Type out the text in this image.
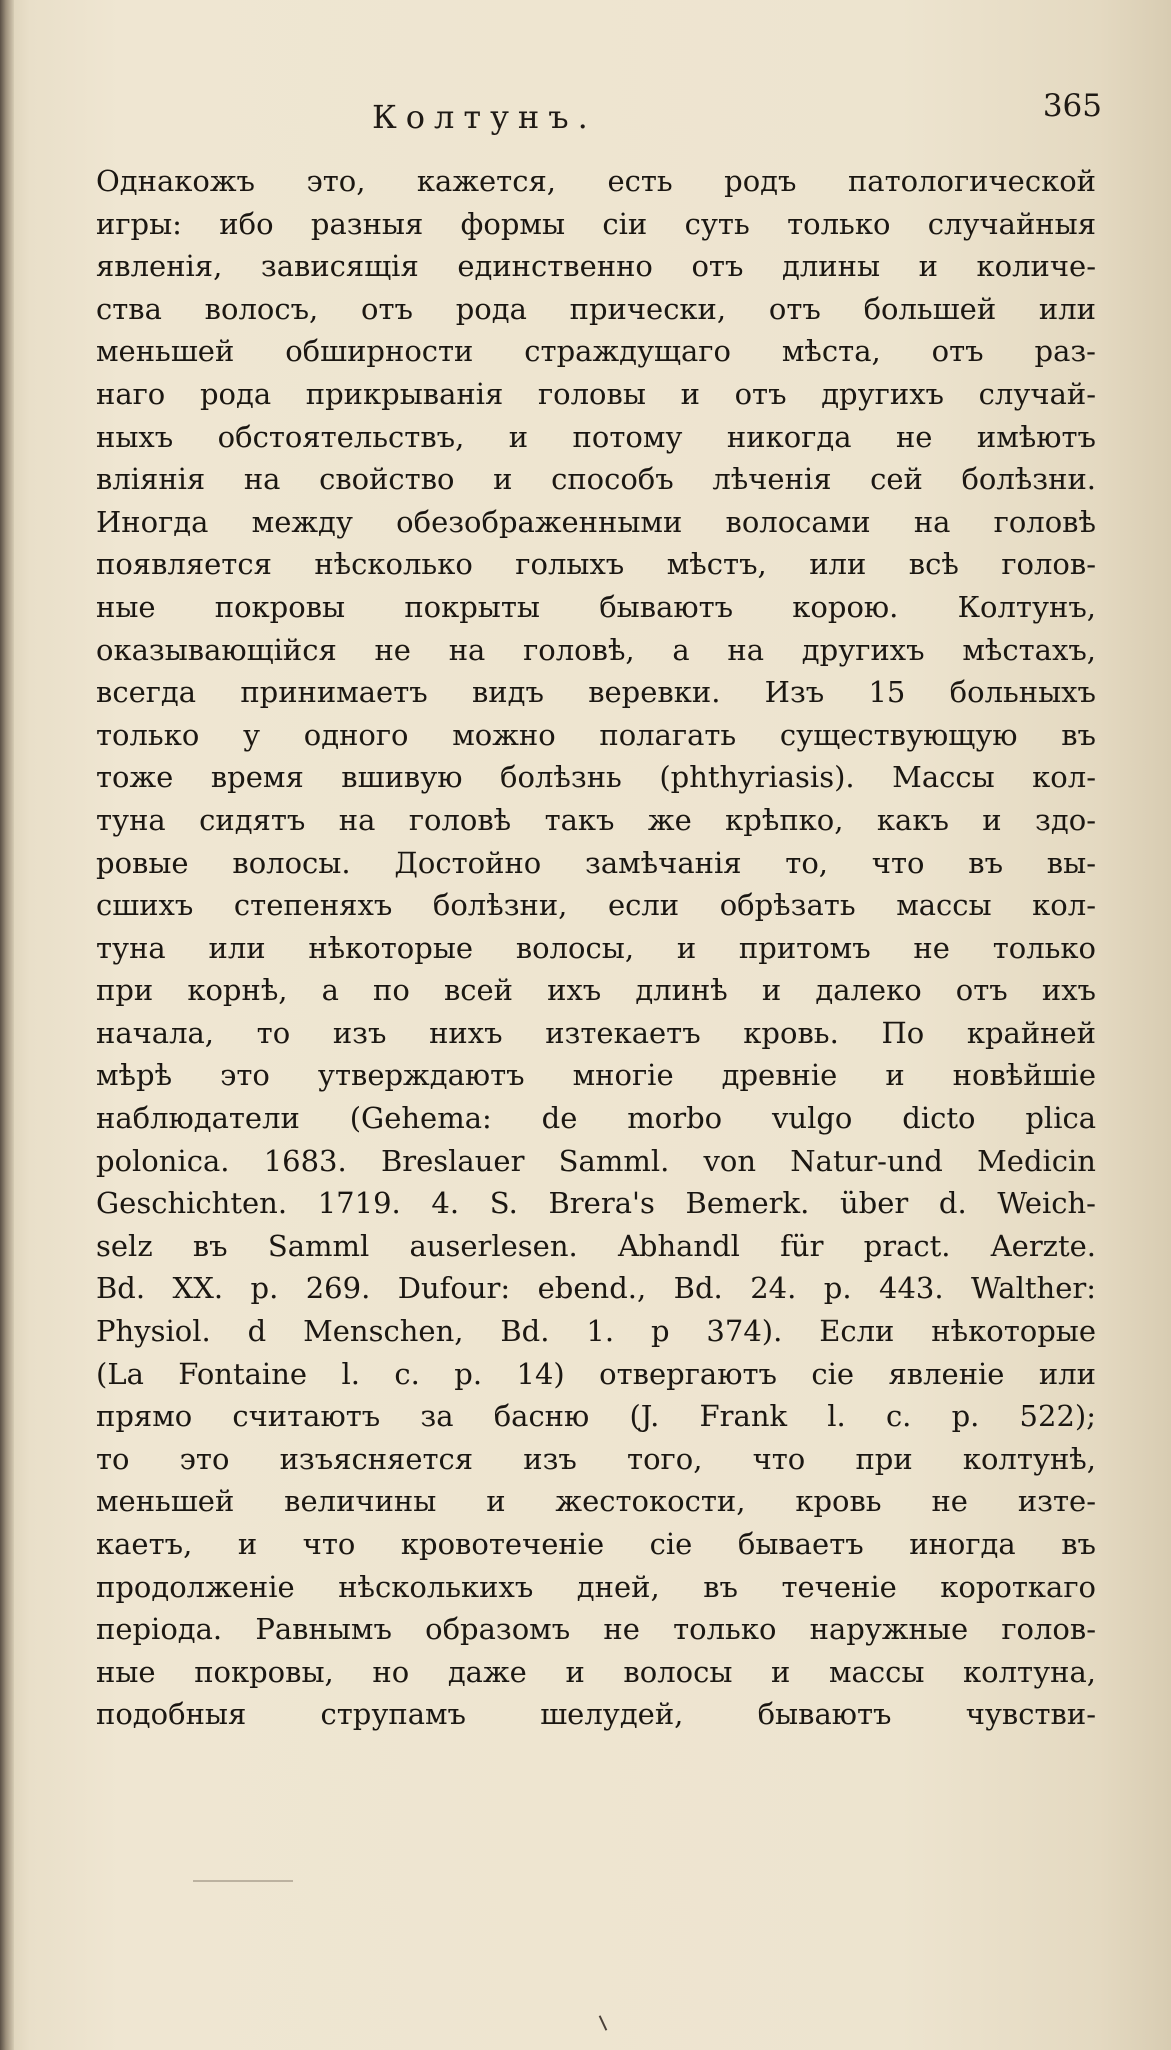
Колтунъ.	365
Однакожъ это, кажется, есть родъ патологической
игры: ибо разныя формы сіи суть только случайныя
явленія, зависящія единственно отъ длины и количе-
ства волосъ, отъ рода прически, отъ большей или
меньшей обширности страждущаго мѣста, отъ раз-
наго рода прикрыванія головы и отъ другихъ случай-
ныхъ обстоятельствъ, и потому никогда не имѣютъ
вліянія на свойство и способъ лѣченія сей болѣзни.
Иногда между обезображенными волосами на головѣ
появляется нѣсколько голыхъ мѣстъ, или всѣ голов-
ные покровы покрыты бываютъ корою. Колтунъ,
оказывающійся не на головѣ, а на другихъ мѣстахъ,
всегда принимаетъ видъ веревки. Изъ 15 больныхъ
только у одного можно полагать существующую въ
тоже время вшивую болѣзнь (phthyriasis). Массы кол-
туна сидятъ на головѣ такъ же крѣпко, какъ и здо-
ровые волосы. Достойно замѣчанія то, что въ вы-
сшихъ степеняхъ болѣзни, если обрѣзать массы кол-
туна или нѣкоторые волосы, и притомъ не только
при корнѣ, а по всей ихъ длинѣ и далеко отъ ихъ
начала, то изъ нихъ изтекаетъ кровь. По крайней
мѣрѣ это утверждаютъ многіе древніе и новѣйшіе
наблюдатели (Gehema: de morbo vulgo dicto plica
polonica. 1683. Breslauer Samml. von Natur-und Medicin
Geschichten. 1719. 4. S. Brera's Bemerk. über d. Weich-
selz въ Samml auserlesen. Abhandl für pract. Aerzte.
Bd. XX. p. 269. Dufour: ebend., Bd. 24. p. 443. Walther:
Physiol. d Menschen, Bd. 1. p 374). Если нѣкоторые
(La Fontaine l. c. p. 14) отвергаютъ сіе явленіе или
прямо считаютъ за басню (J. Frank l. c. p. 522);
то это изъясняется изъ того, что при колтунѣ,
меньшей величины и жестокости, кровь не изте-
каетъ, и что кровотеченіе сіе бываетъ иногда въ
продолженіе нѣсколькихъ дней, въ теченіе короткаго
періода. Равнымъ образомъ не только наружные голов-
ные покровы, но даже и волосы и массы колтуна,
подобныя струпамъ шелудей, бываютъ чувстви-
